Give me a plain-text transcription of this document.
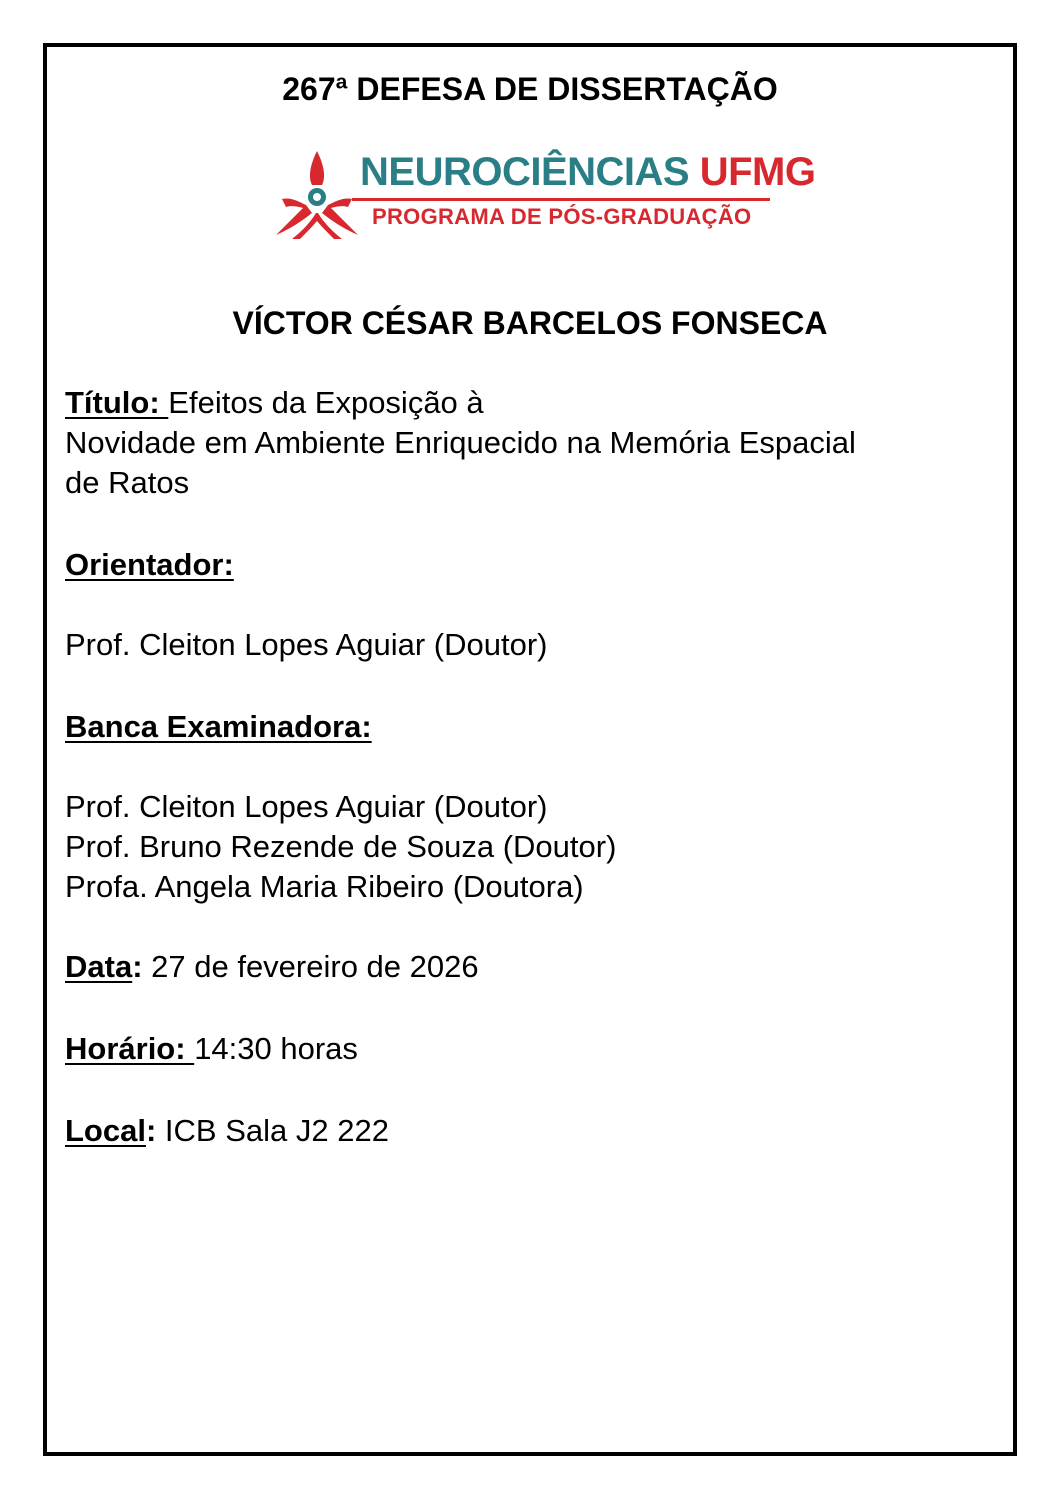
267ª DEFESA DE DISSERTAÇÃO
NEUROCIÊNCIAS UFMG
PROGRAMA DE PÓS-GRADUAÇÃO
VÍCTOR CÉSAR BARCELOS FONSECA
Título: Efeitos da Exposição à
Novidade em Ambiente Enriquecido na Memória Espacial
de Ratos
Orientador:
Prof. Cleiton Lopes Aguiar (Doutor)
Banca Examinadora:
Prof. Cleiton Lopes Aguiar (Doutor)
Prof. Bruno Rezende de Souza (Doutor)
Profa. Angela Maria Ribeiro (Doutora)
Data: 27 de fevereiro de 2026
Horário: 14:30 horas
Local: ICB Sala J2 222
